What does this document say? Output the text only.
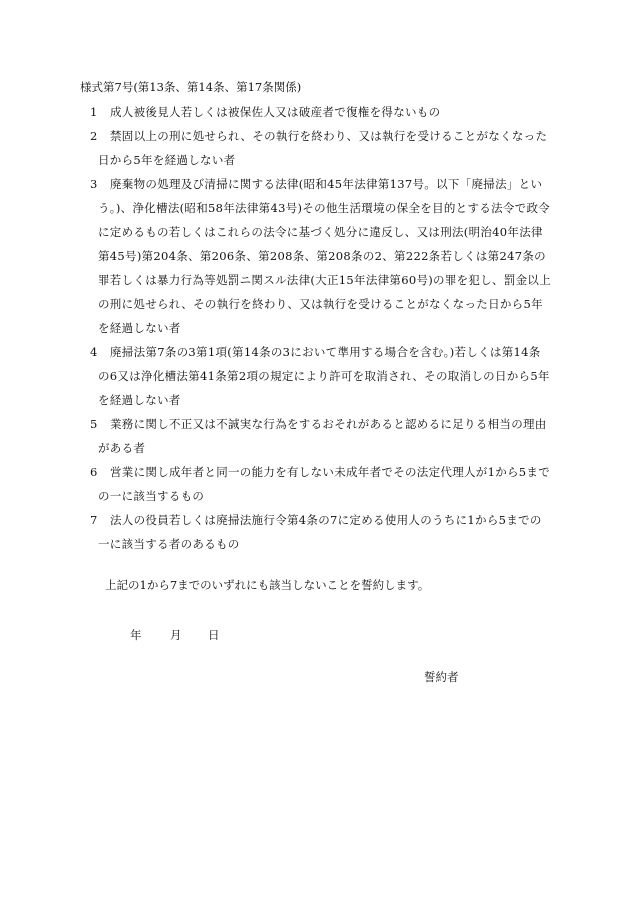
様式第7号(第13条、第14条、第17条関係)

1 成人被後見人若しくは被保佐人又は破産者で復権を得ないもの

2 禁固以上の刑に処せられ、その執行を終わり、又は執行を受けることがなくなった日から5年を経過しない者

3 廃棄物の処理及び清掃に関する法律(昭和45年法律第137号。以下「廃掃法」という。)、浄化槽法(昭和58年法律第43号)その他生活環境の保全を目的とする法令で政令に定めるもの若しくはこれらの法令に基づく処分に違反し、又は刑法(明治40年法律第45号)第204条、第206条、第208条、第208条の2、第222条若しくは第247条の罪若しくは暴力行為等処罰ニ関スル法律(大正15年法律第60号)の罪を犯し、罰金以上の刑に処せられ、その執行を終わり、又は執行を受けることがなくなった日から5年を経過しない者

4 廃掃法第7条の3第1項(第14条の3において準用する場合を含む。)若しくは第14条の6又は浄化槽法第41条第2項の規定により許可を取消され、その取消しの日から5年を経過しない者

5 業務に関し不正又は不誠実な行為をするおそれがあると認めるに足りる相当の理由がある者

6 営業に関し成年者と同一の能力を有しない未成年者でその法定代理人が1から5までの一に該当するもの

7 法人の役員若しくは廃掃法施行令第4条の7に定める使用人のうちに1から5までの一に該当する者のあるもの

上記の1から7までのいずれにも該当しないことを誓約します。
年 月 日
誓約者
